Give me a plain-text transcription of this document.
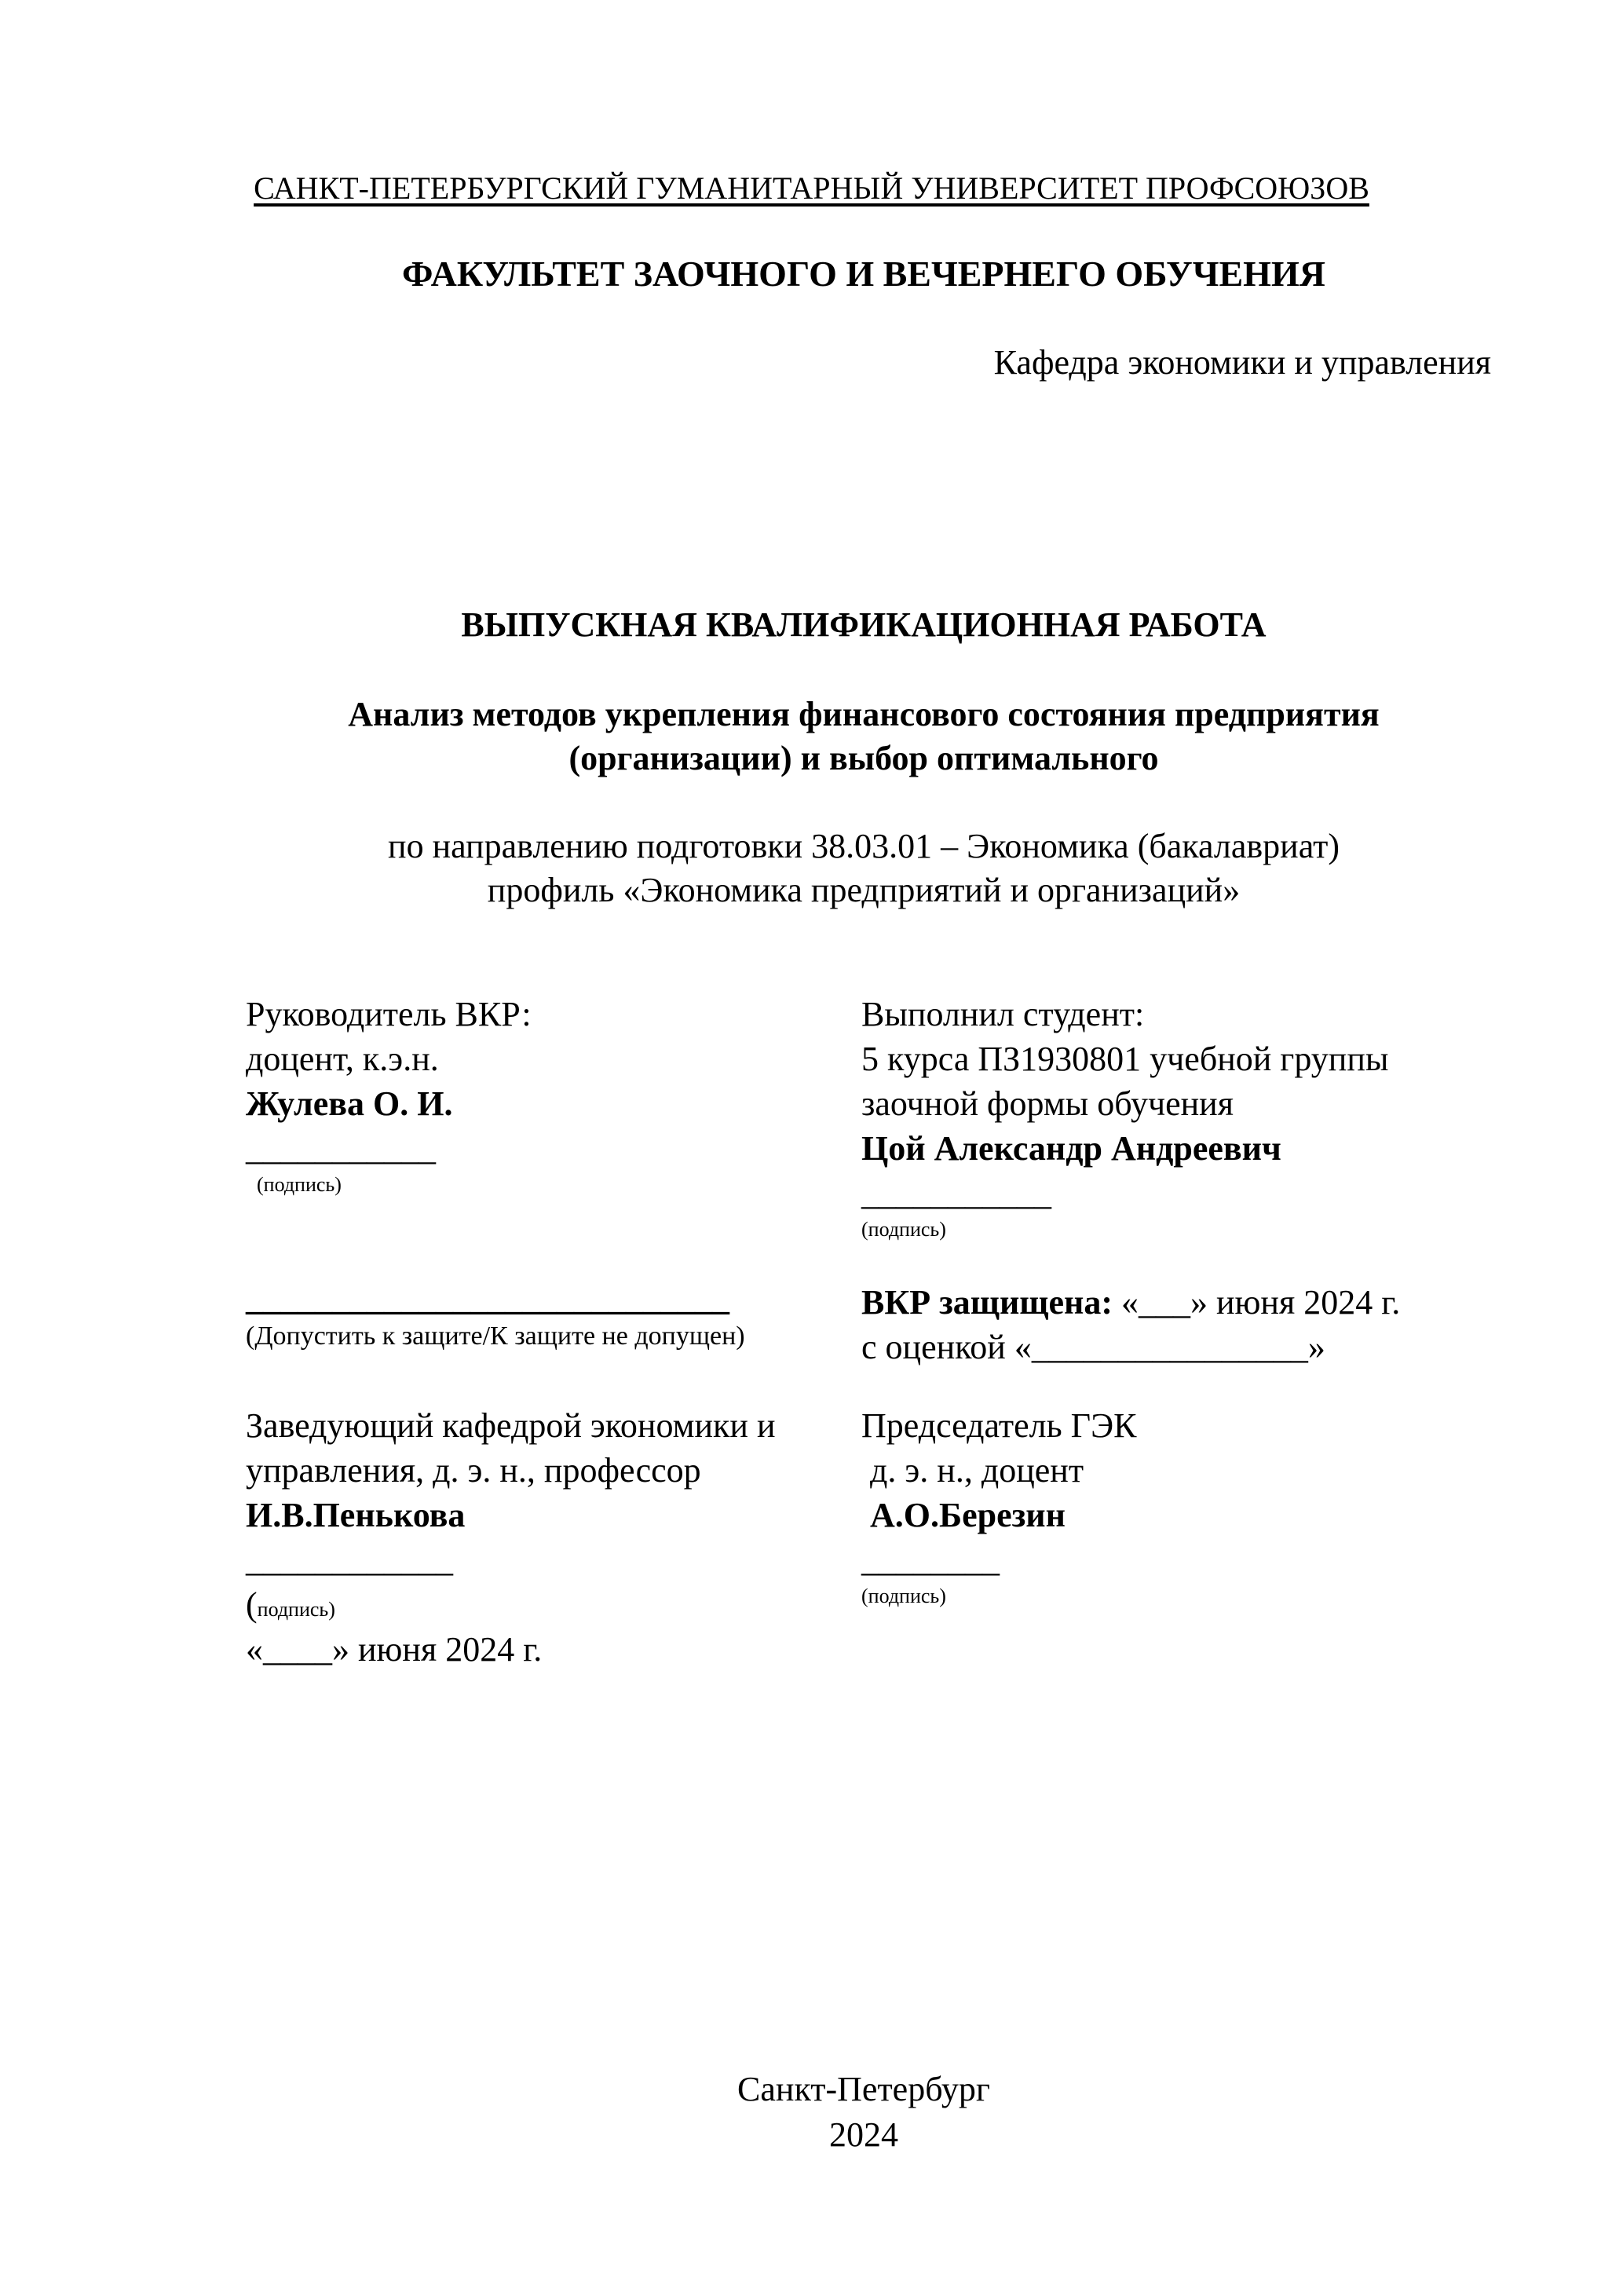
САНКТ-ПЕТЕРБУРГСКИЙ ГУМАНИТАРНЫЙ УНИВЕРСИТЕТ ПРОФСОЮЗОВ
ФАКУЛЬТЕТ ЗАОЧНОГО И ВЕЧЕРНЕГО ОБУЧЕНИЯ
Кафедра экономики и управления
ВЫПУСКНАЯ КВАЛИФИКАЦИОННАЯ РАБОТА
Анализ методов укрепления финансового состояния предприятия
(организации) и выбор оптимального
по направлению подготовки 38.03.01 – Экономика (бакалавриат)
профиль «Экономика предприятий и организаций»
Руководитель ВКР:
доцент, к.э.н.
Жулева О. И.
___________
(подпись)
Выполнил студент:
5 курса ПЗ1930801 учебной группы
заочной формы обучения
Цой Александр Андреевич
___________
(подпись)
____________________________
(Допустить к защите/К защите не допущен)
ВКР защищена: «___» июня 2024 г.
с оценкой «________________»
Заведующий кафедрой экономики и
управления, д. э. н., профессор
И.В.Пенькова
____________
(подпись)
«____» июня 2024 г.
Председатель ГЭК
д. э. н., доцент
А.О.Березин
________
(подпись)
Санкт-Петербург
2024
